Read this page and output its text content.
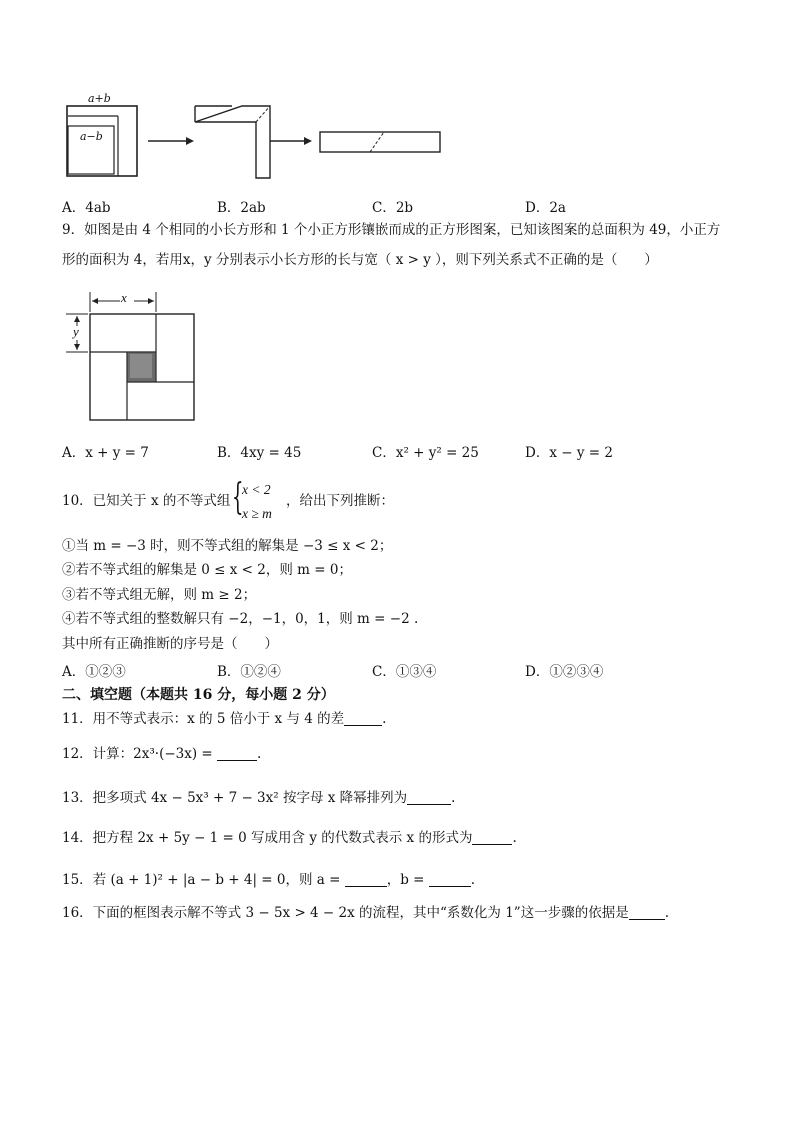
a+b
a−b
A．4ab	B．2ab	C．2b	D．2a
9．如图是由 4 个相同的小长方形和 1 个小正方形镶嵌而成的正方形图案，已知该图案的总面积为 49，小正方
形的面积为 4，若用x，y 分别表示小长方形的长与宽（ x > y ），则下列关系式不正确的是（　　）
x
y
A．x + y = 7	B．4xy = 45	C．x² + y² = 25	D．x − y = 2
10．已知关于 x 的不等式组 {
x < 2
x ≥ m
，给出下列推断：
①当 m = −3 时，则不等式组的解集是 −3 ≤ x < 2；
②若不等式组的解集是 0 ≤ x < 2，则 m = 0；
③若不等式组无解，则 m ≥ 2；
④若不等式组的整数解只有 −2，−1，0，1，则 m = −2 .
其中所有正确推断的序号是（　　）
A．①②③	B．①②④	C．①③④	D．①②③④
二、填空题（本题共 16 分，每小题 2 分）
11．用不等式表示：x 的 5 倍小于 x 与 4 的差	.
12．计算：2x³·(−3x) =	.
13．把多项式 4x − 5x³ + 7 − 3x² 按字母 x 降幂排列为	.
14．把方程 2x + 5y − 1 = 0 写成用含 y 的代数式表示 x 的形式为	.
15．若 (a + 1)² + |a − b + 4| = 0，则 a =	，b =	.
16．下面的框图表示解不等式 3 − 5x > 4 − 2x 的流程，其中“系数化为 1”这一步骤的依据是	.
